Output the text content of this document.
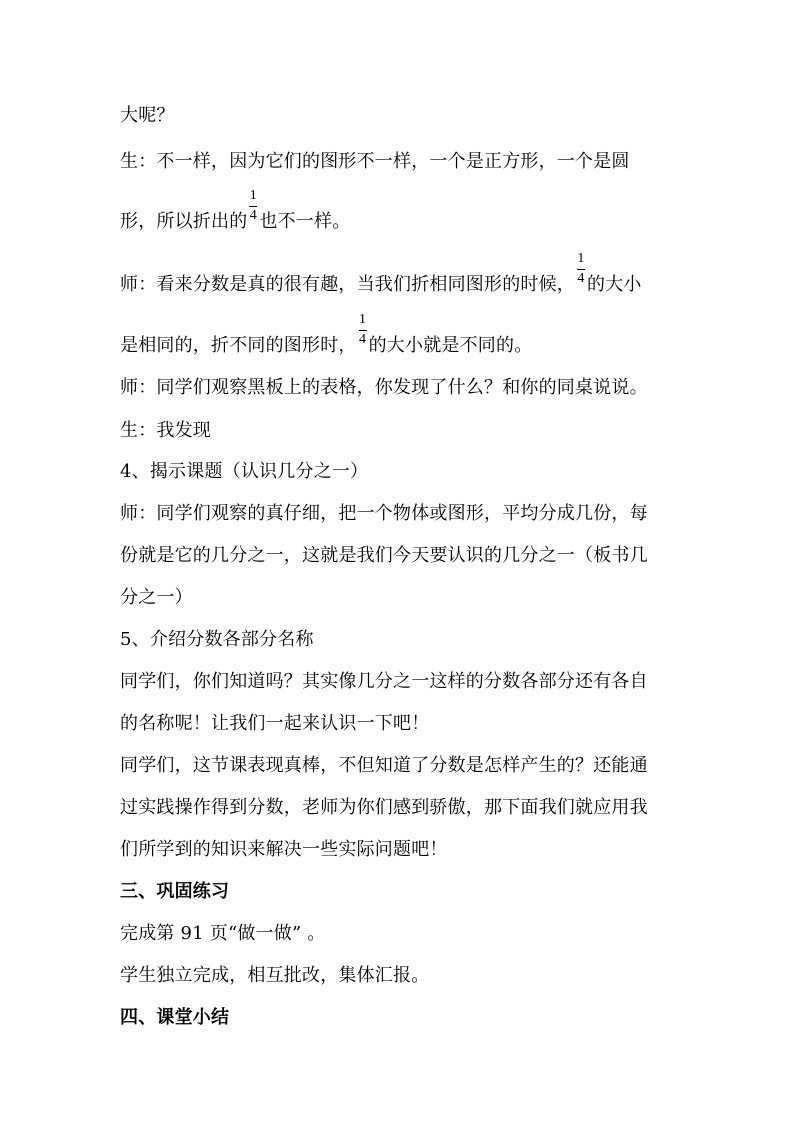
大呢？
生：不一样，因为它们的图形不一样，一个是正方形，一个是圆
形，所以折出的 $\frac{1}{4}$ 也不一样。
师：看来分数是真的很有趣，当我们折相同图形的时候， $\frac{1}{4}$ 的大小
是相同的，折不同的图形时， $\frac{1}{4}$ 的大小就是不同的。
师：同学们观察黑板上的表格，你发现了什么？和你的同桌说说。
生：我发现
4、揭示课题（认识几分之一）
师：同学们观察的真仔细，把一个物体或图形，平均分成几份，每
份就是它的几分之一，这就是我们今天要认识的几分之一（板书几
分之一）
5、介绍分数各部分名称
同学们，你们知道吗？其实像几分之一这样的分数各部分还有各自
的名称呢！让我们一起来认识一下吧！
同学们，这节课表现真棒，不但知道了分数是怎样产生的？还能通
过实践操作得到分数，老师为你们感到骄傲，那下面我们就应用我
们所学到的知识来解决一些实际问题吧！
三、巩固练习
完成第 91 页“做一做” 。
学生独立完成，相互批改，集体汇报。
四、课堂小结
